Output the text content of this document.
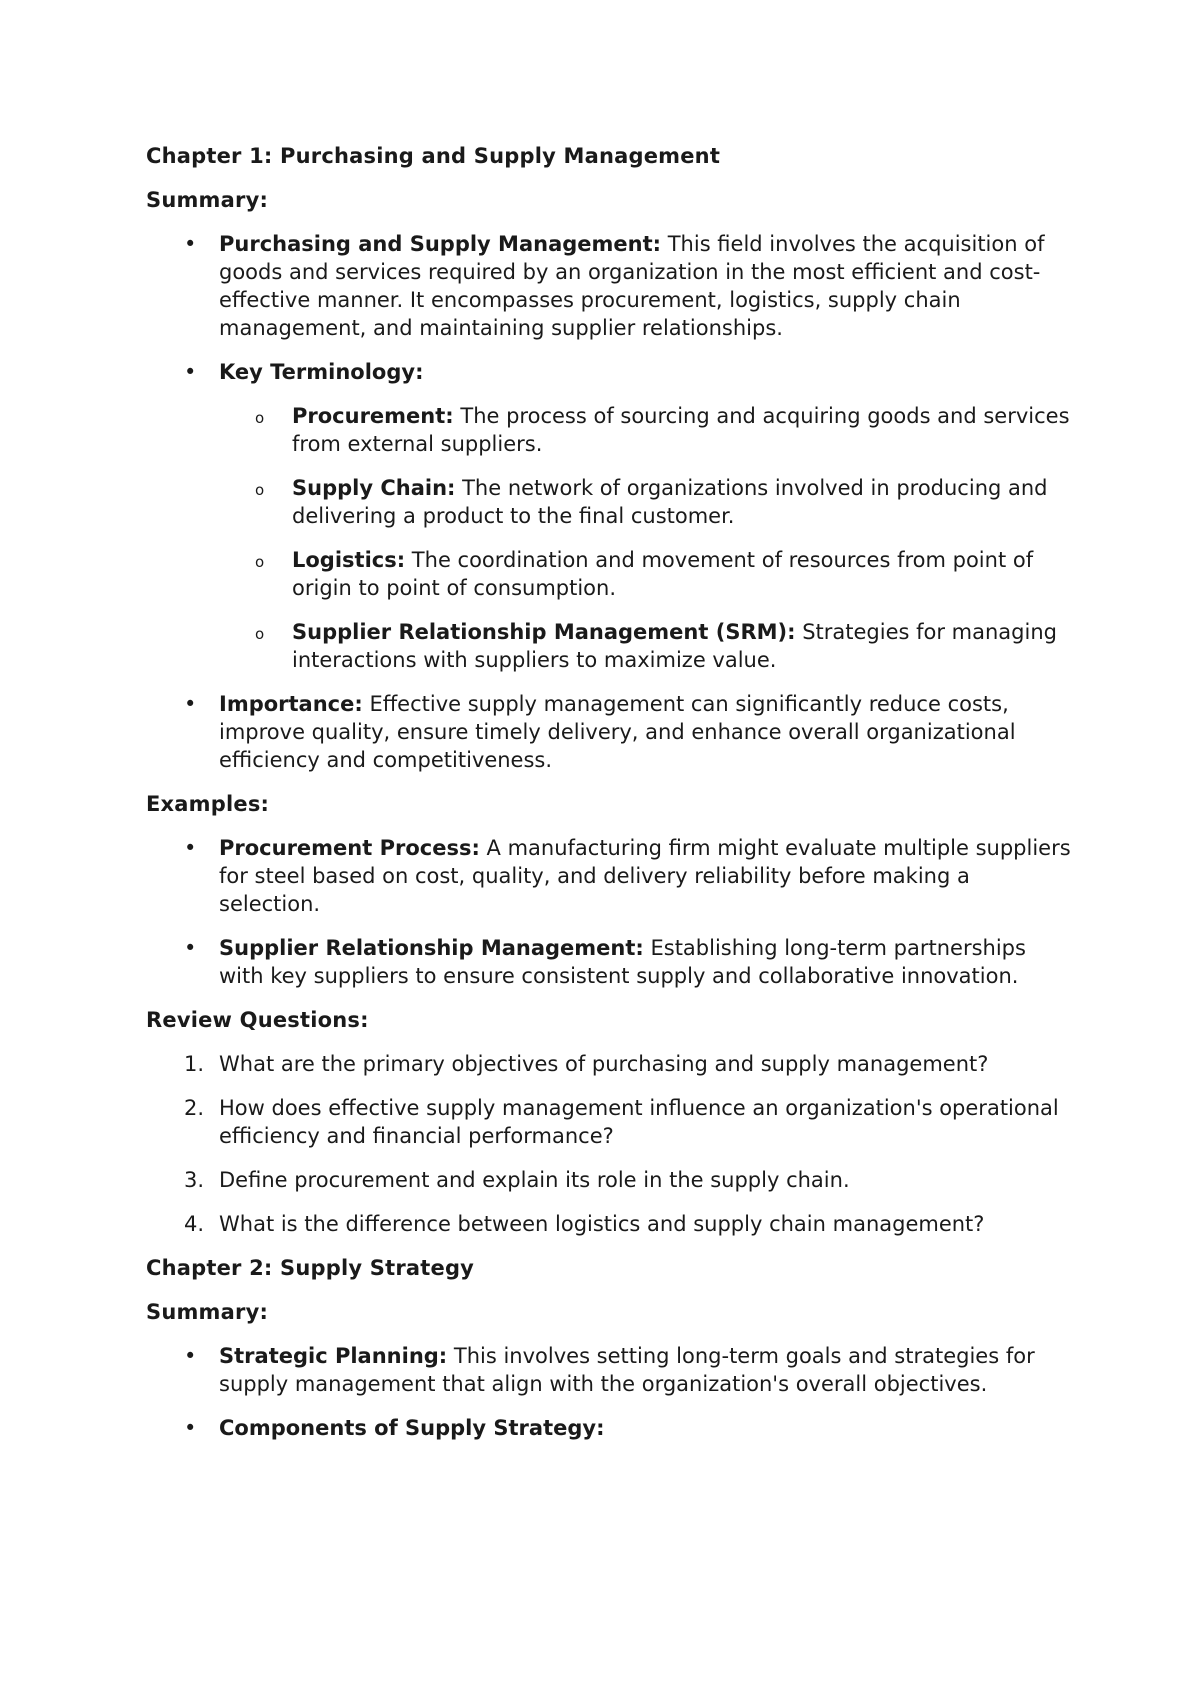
Chapter 1: Purchasing and Supply Management
Summary:
• Purchasing and Supply Management: This field involves the acquisition of goods and services required by an organization in the most efficient and cost-effective manner. It encompasses procurement, logistics, supply chain management, and maintaining supplier relationships.
• Key Terminology:
o Procurement: The process of sourcing and acquiring goods and services from external suppliers.
o Supply Chain: The network of organizations involved in producing and delivering a product to the final customer.
o Logistics: The coordination and movement of resources from point of origin to point of consumption.
o Supplier Relationship Management (SRM): Strategies for managing interactions with suppliers to maximize value.
• Importance: Effective supply management can significantly reduce costs, improve quality, ensure timely delivery, and enhance overall organizational efficiency and competitiveness.
Examples:
• Procurement Process: A manufacturing firm might evaluate multiple suppliers for steel based on cost, quality, and delivery reliability before making a selection.
• Supplier Relationship Management: Establishing long-term partnerships with key suppliers to ensure consistent supply and collaborative innovation.
Review Questions:
1. What are the primary objectives of purchasing and supply management?
2. How does effective supply management influence an organization's operational efficiency and financial performance?
3. Define procurement and explain its role in the supply chain.
4. What is the difference between logistics and supply chain management?
Chapter 2: Supply Strategy
Summary:
• Strategic Planning: This involves setting long-term goals and strategies for supply management that align with the organization's overall objectives.
• Components of Supply Strategy:
